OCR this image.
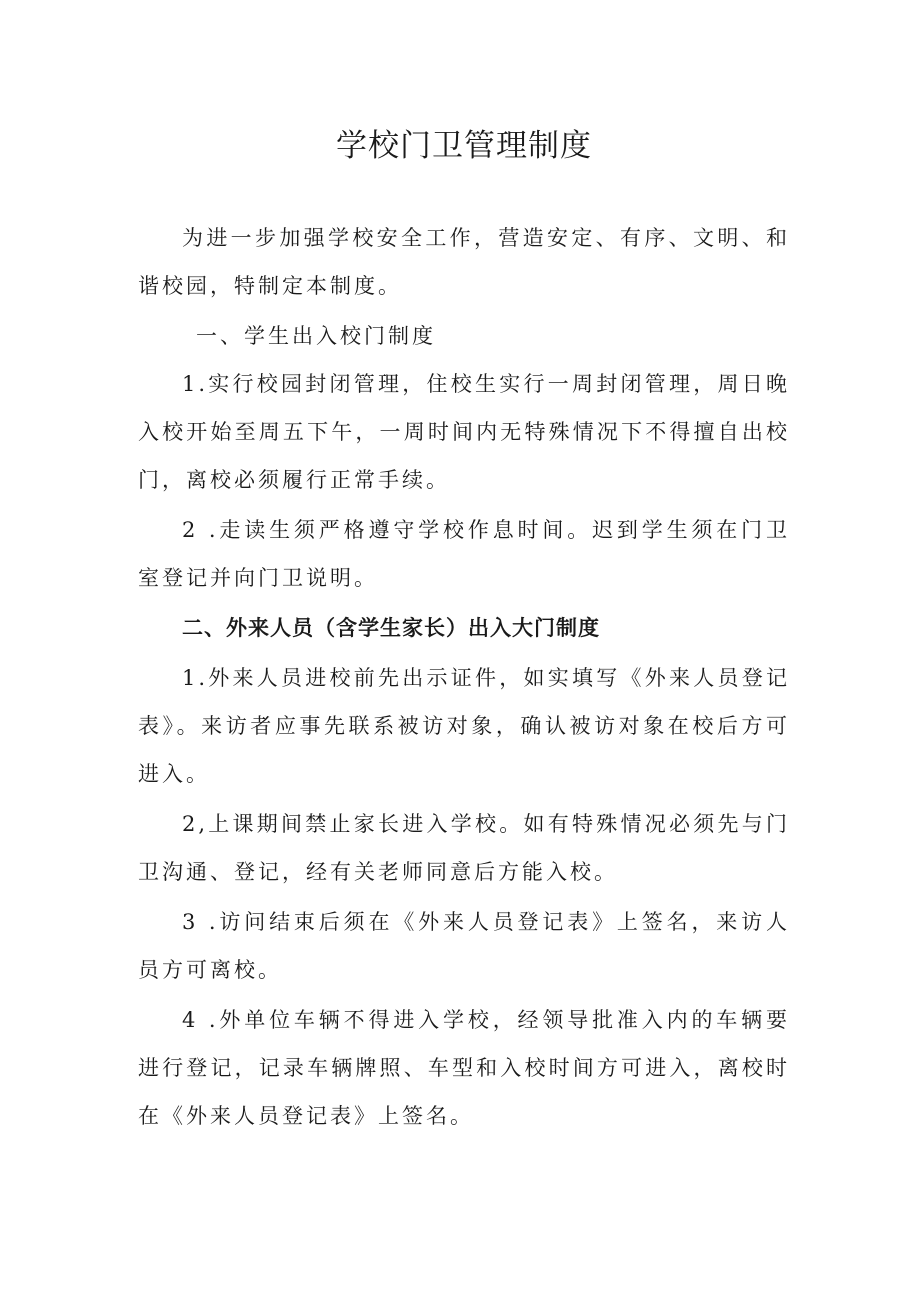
学校门卫管理制度

为进一步加强学校安全工作，营造安定、有序、文明、和谐校园，特制定本制度。

一、学生出入校门制度

1.实行校园封闭管理，住校生实行一周封闭管理，周日晚入校开始至周五下午，一周时间内无特殊情况下不得擅自出校门，离校必须履行正常手续。

2 .走读生须严格遵守学校作息时间。迟到学生须在门卫室登记并向门卫说明。

二、外来人员（含学生家长）出入大门制度

1.外来人员进校前先出示证件，如实填写《外来人员登记表》。来访者应事先联系被访对象，确认被访对象在校后方可进入。

2,上课期间禁止家长进入学校。如有特殊情况必须先与门卫沟通、登记，经有关老师同意后方能入校。

3 .访问结束后须在《外来人员登记表》上签名，来访人员方可离校。

4 .外单位车辆不得进入学校，经领导批准入内的车辆要进行登记，记录车辆牌照、车型和入校时间方可进入，离校时在《外来人员登记表》上签名。
